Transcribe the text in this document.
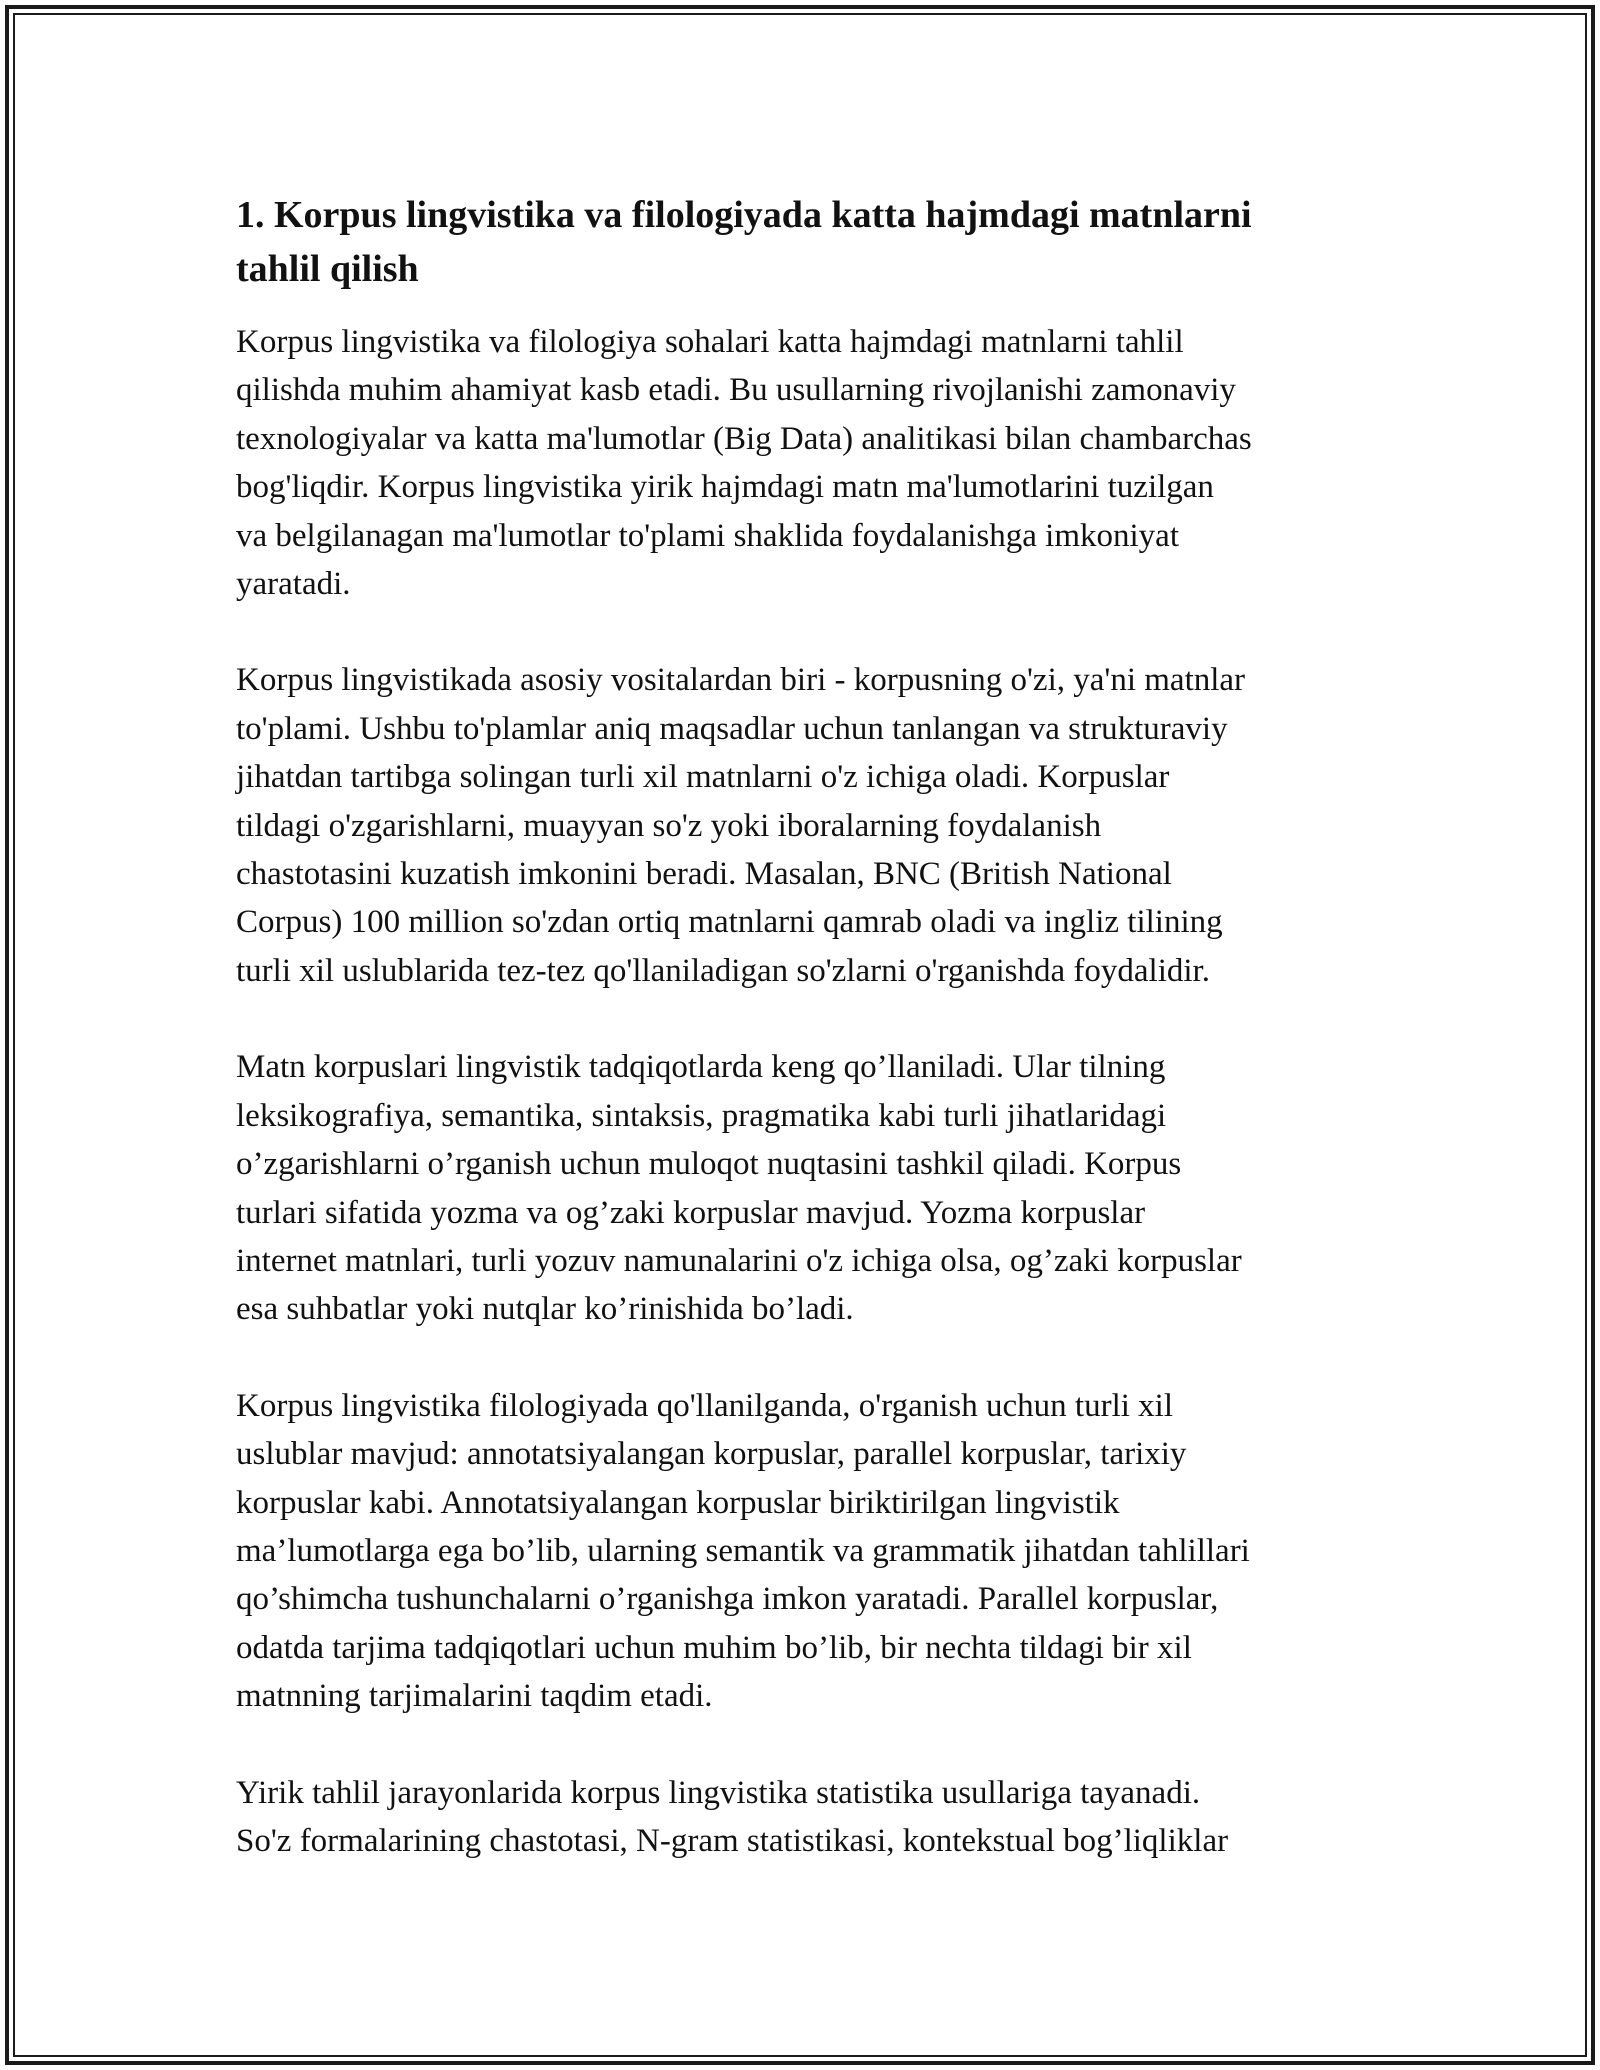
1. Korpus lingvistika va filologiyada katta hajmdagi matnlarni
tahlil qilish

Korpus lingvistika va filologiya sohalari katta hajmdagi matnlarni tahlil
qilishda muhim ahamiyat kasb etadi. Bu usullarning rivojlanishi zamonaviy
texnologiyalar va katta ma'lumotlar (Big Data) analitikasi bilan chambarchas
bog'liqdir. Korpus lingvistika yirik hajmdagi matn ma'lumotlarini tuzilgan
va belgilanagan ma'lumotlar to'plami shaklida foydalanishga imkoniyat
yaratadi.

Korpus lingvistikada asosiy vositalardan biri - korpusning o'zi, ya'ni matnlar
to'plami. Ushbu to'plamlar aniq maqsadlar uchun tanlangan va strukturaviy
jihatdan tartibga solingan turli xil matnlarni o'z ichiga oladi. Korpuslar
tildagi o'zgarishlarni, muayyan so'z yoki iboralarning foydalanish
chastotasini kuzatish imkonini beradi. Masalan, BNC (British National
Corpus) 100 million so'zdan ortiq matnlarni qamrab oladi va ingliz tilining
turli xil uslublarida tez-tez qo'llaniladigan so'zlarni o'rganishda foydalidir.

Matn korpuslari lingvistik tadqiqotlarda keng qo’llaniladi. Ular tilning
leksikografiya, semantika, sintaksis, pragmatika kabi turli jihatlaridagi
o’zgarishlarni o’rganish uchun muloqot nuqtasini tashkil qiladi. Korpus
turlari sifatida yozma va og’zaki korpuslar mavjud. Yozma korpuslar
internet matnlari, turli yozuv namunalarini o'z ichiga olsa, og’zaki korpuslar
esa suhbatlar yoki nutqlar ko’rinishida bo’ladi.

Korpus lingvistika filologiyada qo'llanilganda, o'rganish uchun turli xil
uslublar mavjud: annotatsiyalangan korpuslar, parallel korpuslar, tarixiy
korpuslar kabi. Annotatsiyalangan korpuslar biriktirilgan lingvistik
ma’lumotlarga ega bo’lib, ularning semantik va grammatik jihatdan tahlillari
qo’shimcha tushunchalarni o’rganishga imkon yaratadi. Parallel korpuslar,
odatda tarjima tadqiqotlari uchun muhim bo’lib, bir nechta tildagi bir xil
matnning tarjimalarini taqdim etadi.

Yirik tahlil jarayonlarida korpus lingvistika statistika usullariga tayanadi.
So'z formalarining chastotasi, N-gram statistikasi, kontekstual bog’liqliklar
